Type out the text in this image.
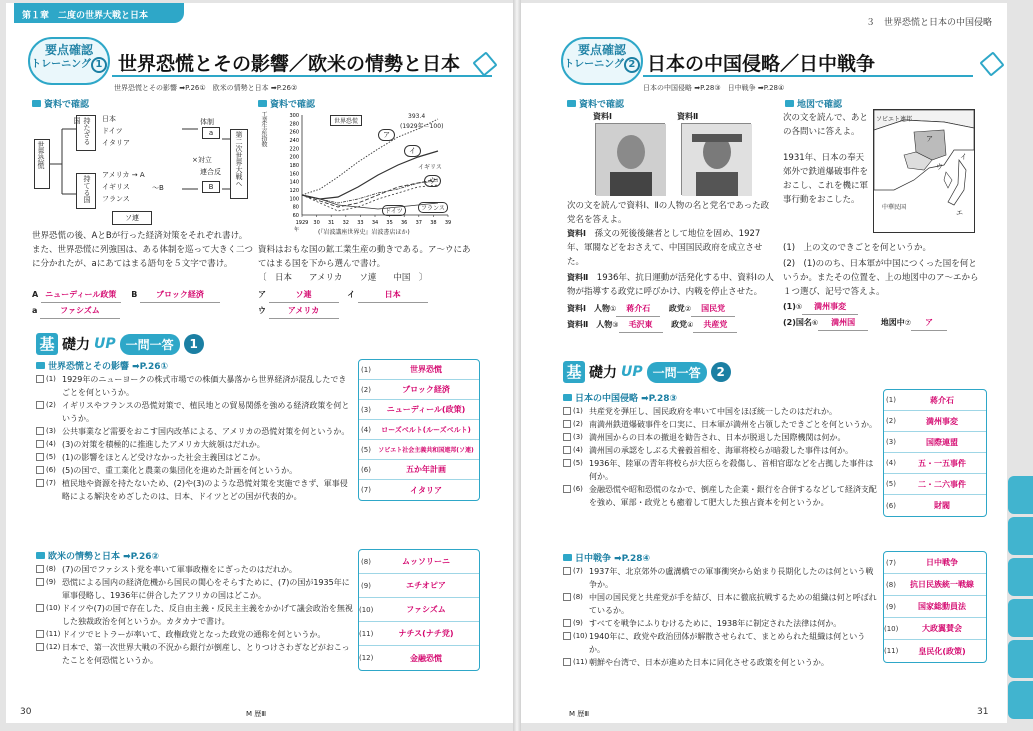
第１章　二度の世界大戦と日本
要点確認
トレーニング 1 世界恐慌とその影響／欧米の情勢と日本
世界恐慌とその影響 ➡P.26①　欧米の情勢と日本 ➡P.26②
資料で確認	資料で確認
世界恐慌
持たざる国	日本
ドイツ
イタリア
持てる国	アメリカ → A
イギリス
フランス
～B
ソ連
体制
a
×対立
連合 反
B	第二次世界大戦へ
工業生産指数	300
280
260
240
220
200
180
160
140
120
100
80
60
1929 30 31 32 33 34 35 36 37 38 39
年
世界恐慌
393.4
(1929年＝100)
ア
イ
イギリス
ウ
ドイツ	フランス
(『岩波講座世界史』岩波書店ほか)
世界恐慌の後、AとBが行った経済対策をそれぞれ書け。また、世界恐慌に列強国は、ある体制を巡って大きく二つに分かれたが、aにあてはまる語句を５文字で書け。
A ニューディール政策 B ブロック経済
a	ファシズム
資料はおもな国の鉱工業生産の動きである。ア～ウにあてはまる国を下から選んで書け。
〔　日本　　アメリカ　　ソ連　　中国　〕
ア	ソ連	イ	日本
ウ	アメリカ
基 礎力 UP 一問一答	1
世界恐慌とその影響 ➡P.26①
(1) 1929年のニューヨークの株式市場での株価大暴落から世界経済が混乱したできごとを何というか。
(2) イギリスやフランスの恐慌対策で、植民地との貿易関係を強める経済政策を何というか。
(3) 公共事業など需要をおこす国内改革による、アメリカの恐慌対策を何というか。
(4) (3)の対策を積極的に推進したアメリカ大統領はだれか。
(5) (1)の影響をほとんど受けなかった社会主義国はどこか。
(6) (5)の国で、重工業化と農業の集団化を進めた計画を何というか。
(7) 植民地や資源を持たないため、(2)や(3)のような恐慌対策を実施できず、軍事侵略による解決をめざしたのは、日本、ドイツとどの国が代表的か。
(1)	世界恐慌
(2)	ブロック経済
(3)	ニューディール(政策)
(4)	ローズベルト(ルーズベルト)
(5)	ソビエト社会主義共和国連邦(ソ連)
(6)	五か年計画
(7)	イタリア
欧米の情勢と日本 ➡P.26②
(8) (7)の国でファシスト党を率いて軍事政権をにぎったのはだれか。
(9) 恐慌による国内の経済危機から国民の関心をそらすために、(7)の国が1935年に軍事侵略し、1936年に併合したアフリカの国はどこか。
(10) ドイツや(7)の国で存在した、反自由主義・反民主主義をかかげて議会政治を無視した独裁政治を何というか。カタカナで書け。
(11) ドイツでヒトラーが率いて、政権政党となった政党の通称を何というか。
(12) 日本で、第一次世界大戦の不況から銀行が倒産し、とりつけさわぎなどがおこったことを何恐慌というか。
(8)	ムッソリーニ
(9)	エチオピア
(10)	ファシズム
(11)	ナチス(ナチ党)
(12)	金融恐慌
30	M 歴Ⅲ
３　世界恐慌と日本の中国侵略
要点確認
トレーニング 2 日本の中国侵略／日中戦争
日本の中国侵略 ➡P.28③　日中戦争 ➡P.28④
資料で確認	地図で確認
資料Ⅰ	資料Ⅱ
次の文を読んで資料Ⅰ、Ⅱの人物の名と党名であった政党名を答えよ。
資料Ⅰ　 孫文の死後後継者として地位を固め、1927年、軍閥などをおさえて、中国国民政府を成立させた。
資料Ⅱ　 1936年、抗日運動が活発化する中、資料Ⅰの人物が指導する政党に呼びかけ、内戦を停止させた。
資料Ⅰ　人物① 蒋介石 政党② 国民党
資料Ⅱ　人物③ 毛沢東 政党④ 共産党
次の文を読んで、あとの各問いに答えよ。
1931年、日本の奉天郊外で鉄道爆破事件をおこし、これを機に軍事行動をおこした。
ソビエト連邦
ア
イ
ウ
エ
中華民国
(1)　上の文のできごとを何というか。
(2)　(1)ののち、日本軍が中国につくった国を何というか。またその位置を、上の地図中のア～エから１つ選び、記号で答えよ。
(1)⑤ 満州事変
(2)国名⑥ 満州国	地図中⑦ ア
基 礎力 UP 一問一答	2
日本の中国侵略 ➡P.28③
(1) 共産党を弾圧し、国民政府を率いて中国をほぼ統一したのはだれか。
(2) 南満州鉄道爆破事件を口実に、日本軍が満州を占領したできごとを何というか。
(3) 満州国からの日本の撤退を勧告され、日本が脱退した国際機関は何か。
(4) 満州国の承認をしぶる犬養毅首相を、海軍将校らが暗殺した事件は何か。
(5) 1936年、陸軍の青年将校らが大臣らを殺傷し、首相官邸などを占拠した事件は何か。
(6) 金融恐慌や昭和恐慌のなかで、倒産した企業・銀行を合併するなどして経済支配を強め、軍部・政党とも癒着して肥大した独占資本を何というか。
(1)	蒋介石
(2)	満州事変
(3)	国際連盟
(4)	五・一五事件
(5)	二・二六事件
(6)	財閥
日中戦争 ➡P.28④
(7) 1937年、北京郊外の盧溝橋での軍事衝突から始まり長期化したのは何という戦争か。
(8) 中国の国民党と共産党が手を結び、日本に徹底抗戦するための組織は何と呼ばれているか。
(9) すべてを戦争にふりむけるために、1938年に制定された法律は何か。
(10) 1940年に、政党や政治団体が解散させられて、まとめられた組織は何というか。
(11) 朝鮮や台湾で、日本が進めた日本に同化させる政策を何というか。
(7)	日中戦争
(8)	抗日民族統一戦線
(9)	国家総動員法
(10)	大政翼賛会
(11)	皇民化(政策)
M 歴Ⅲ	31
